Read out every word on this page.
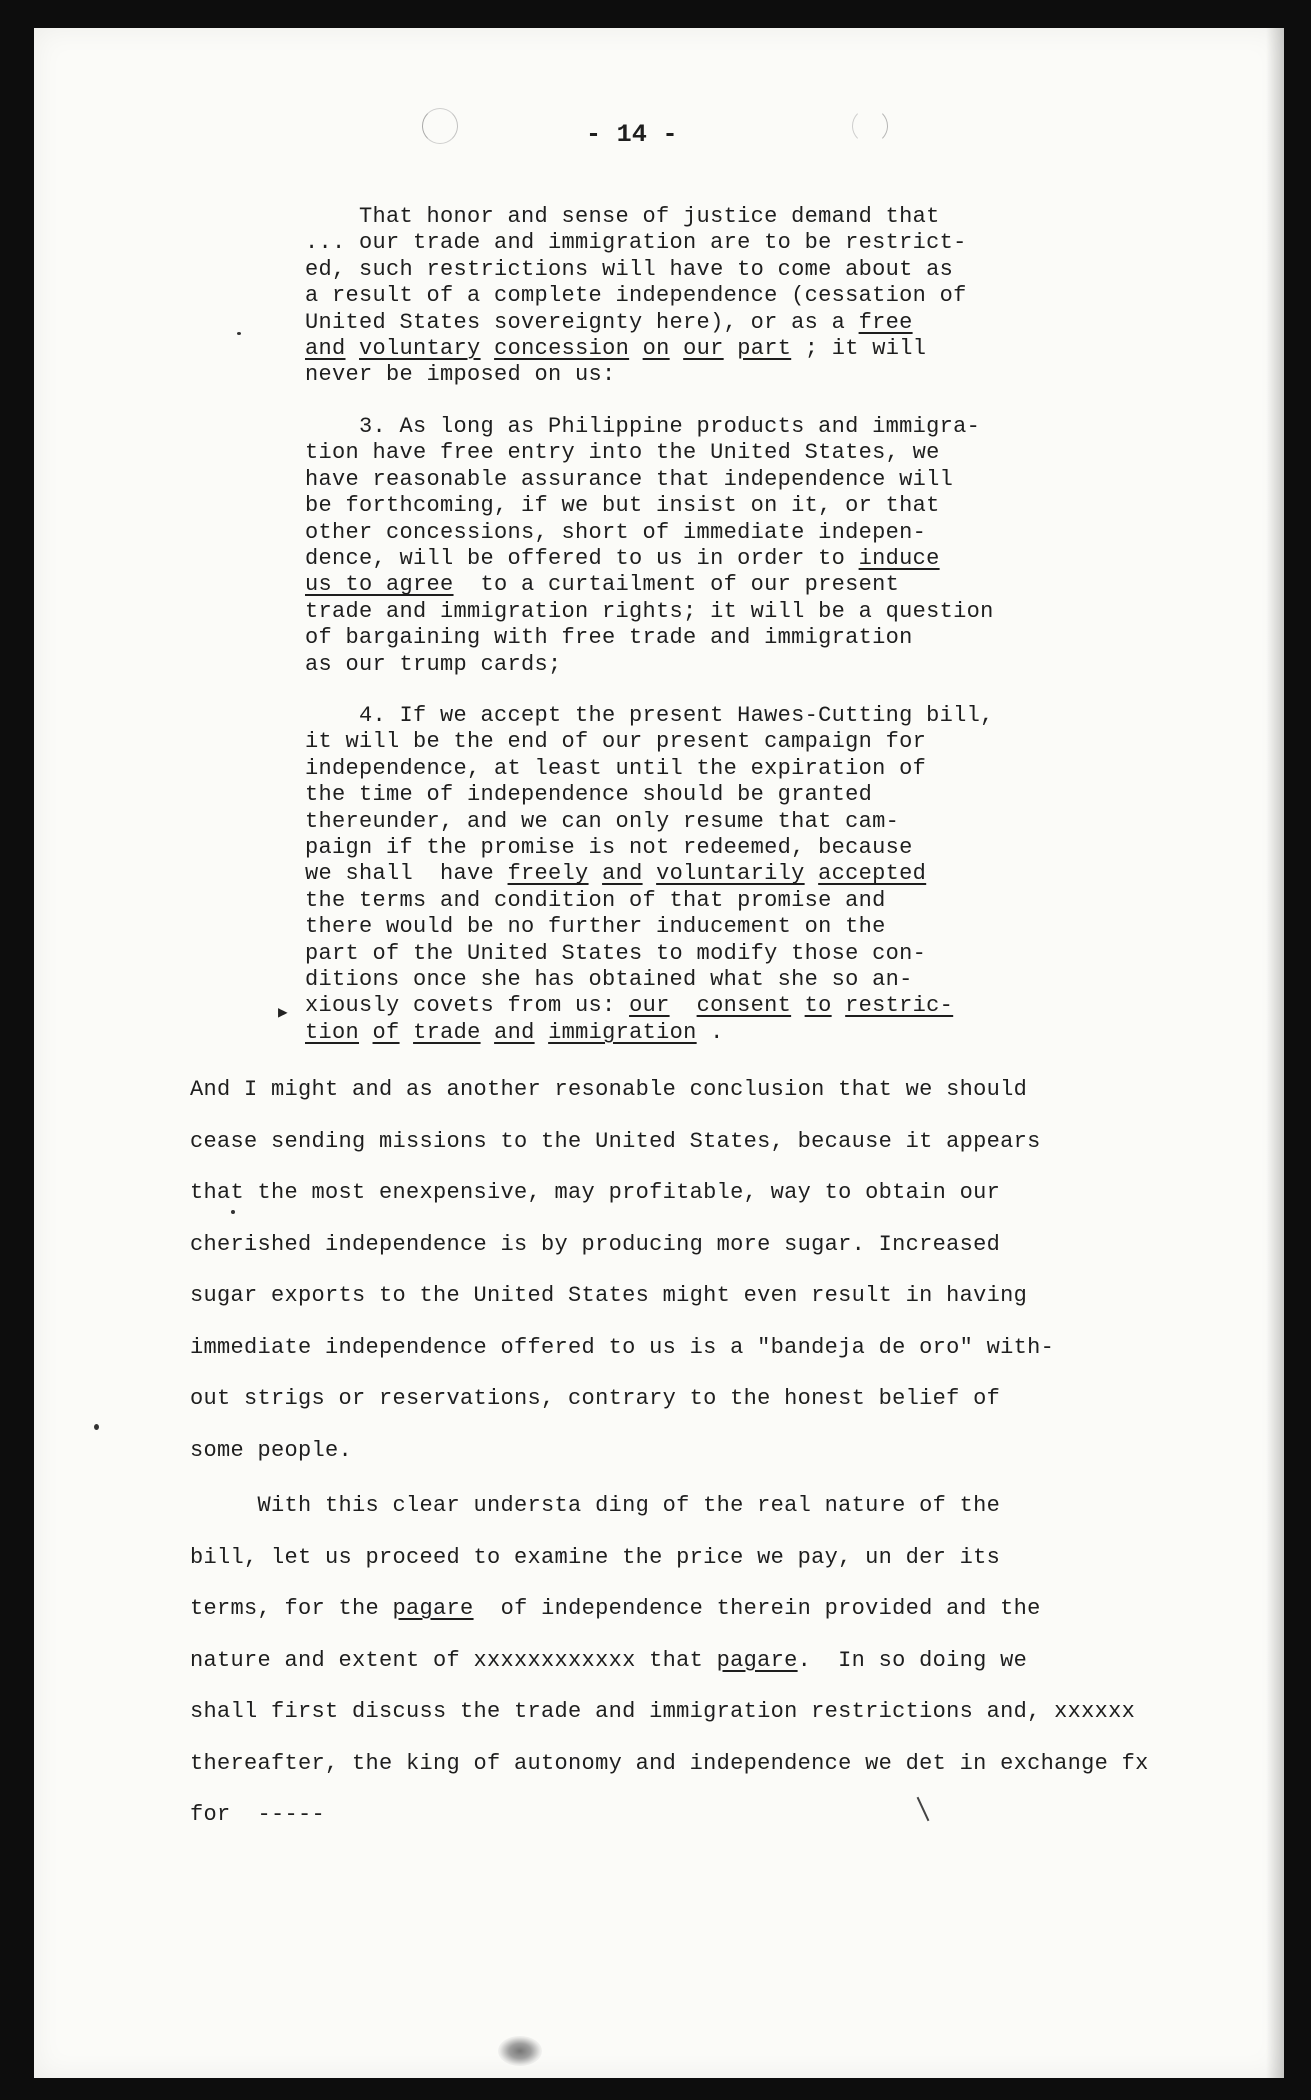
- 14 -

That honor and sense of justice demand that

... our trade and immigration are to be restrict-

ed, such restrictions will have to come about as

a result of a complete independence (cessation of

United States sovereignty here), or as a free

and voluntary concession on our part ; it will

never be imposed on us:

3. As long as Philippine products and immigra-

tion have free entry into the United States, we

have reasonable assurance that independence will

be forthcoming, if we but insist on it, or that

other concessions, short of immediate indepen-

dence, will be offered to us in order to induce

us to agree  to a curtailment of our present

trade and immigration rights; it will be a question

of bargaining with free trade and immigration

as our trump cards;

4. If we accept the present Hawes-Cutting bill,

it will be the end of our present campaign for

independence, at least until the expiration of

the time of independence should be granted

thereunder, and we can only resume that cam-

paign if the promise is not redeemed, because

we shall  have freely and voluntarily accepted

the terms and condition of that promise and

there would be no further inducement on the

part of the United States to modify those con-

ditions once she has obtained what she so an-

xiously covets from us: our consent to restric-

tion of trade and immigration .

▶

And I might and as another resonable conclusion that we should

cease sending missions to the United States, because it appears

that the most enexpensive, may profitable, way to obtain our

cherished independence is by producing more sugar. Increased

sugar exports to the United States might even result in having

immediate independence offered to us is a "bandeja de oro" with-

out strigs or reservations, contrary to the honest belief of

some people.

With this clear understa ding of the real nature of the

bill, let us proceed to examine the price we pay, un der its

terms, for the pagare  of independence therein provided and the

nature and extent of xxxxxxxxxxxx that pagare.  In so doing we

shall first discuss the trade and immigration restrictions and, xxxxxx

thereafter, the king of autonomy and independence we det in exchange fx

for  -----
